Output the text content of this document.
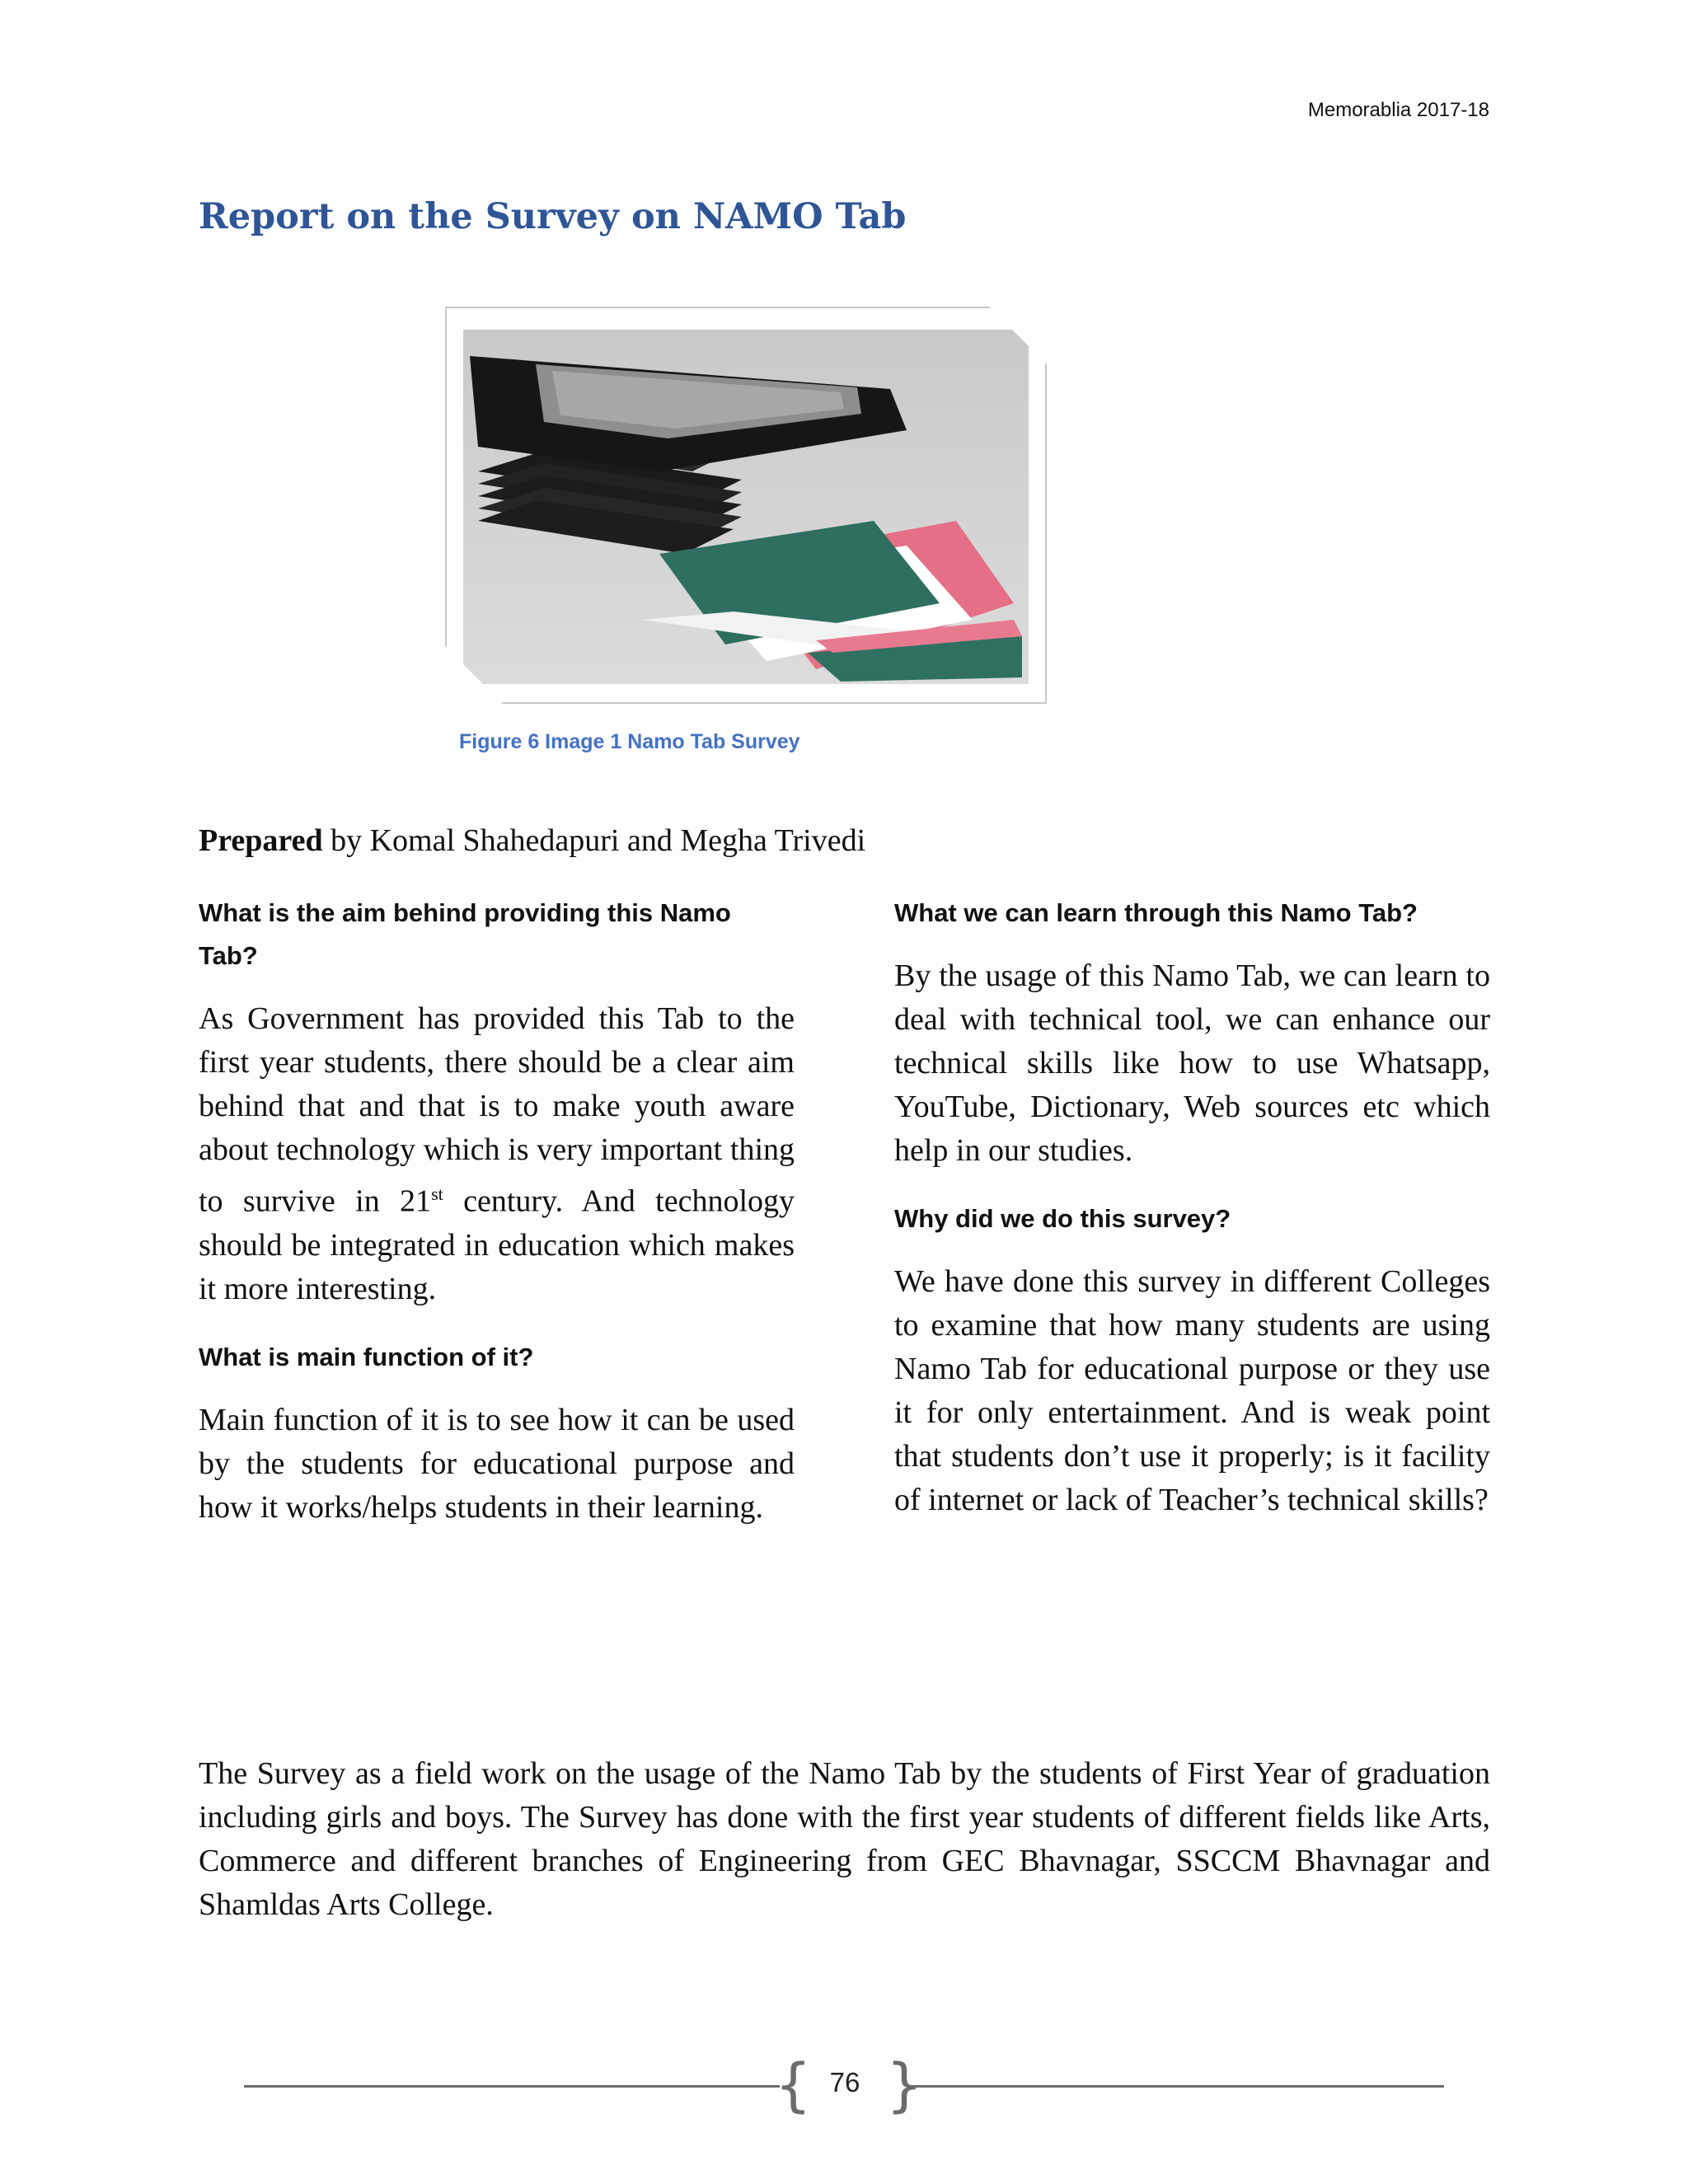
Memorablia 2017-18
Report on the Survey on NAMO Tab
Figure 6 Image 1 Namo Tab Survey
Prepared by Komal Shahedapuri and Megha Trivedi

What is the aim behind providing this Namo Tab?

As Government has provided this Tab to the first year students, there should be a clear aim behind that and that is to make youth aware about technology which is very important thing to survive in 21st century. And technology should be integrated in education which makes it more interesting.

What is main function of it?

Main function of it is to see how it can be used by the students for educational purpose and how it works/helps students in their learning.

What we can learn through this Namo Tab?

By the usage of this Namo Tab, we can learn to deal with technical tool, we can enhance our technical skills like how to use Whatsapp, YouTube, Dictionary, Web sources etc which help in our studies.

Why did we do this survey?

We have done this survey in different Colleges to examine that how many students are using Namo Tab for educational purpose or they use it for only entertainment. And is weak point that students don’t use it properly; is it facility of internet or lack of Teacher’s technical skills?

The Survey as a field work on the usage of the Namo Tab by the students of First Year of graduation including girls and boys. The Survey has done with the first year students of different fields like Arts, Commerce and different branches of Engineering from GEC Bhavnagar, SSCCM Bhavnagar and Shamldas Arts College.

{ }
76
